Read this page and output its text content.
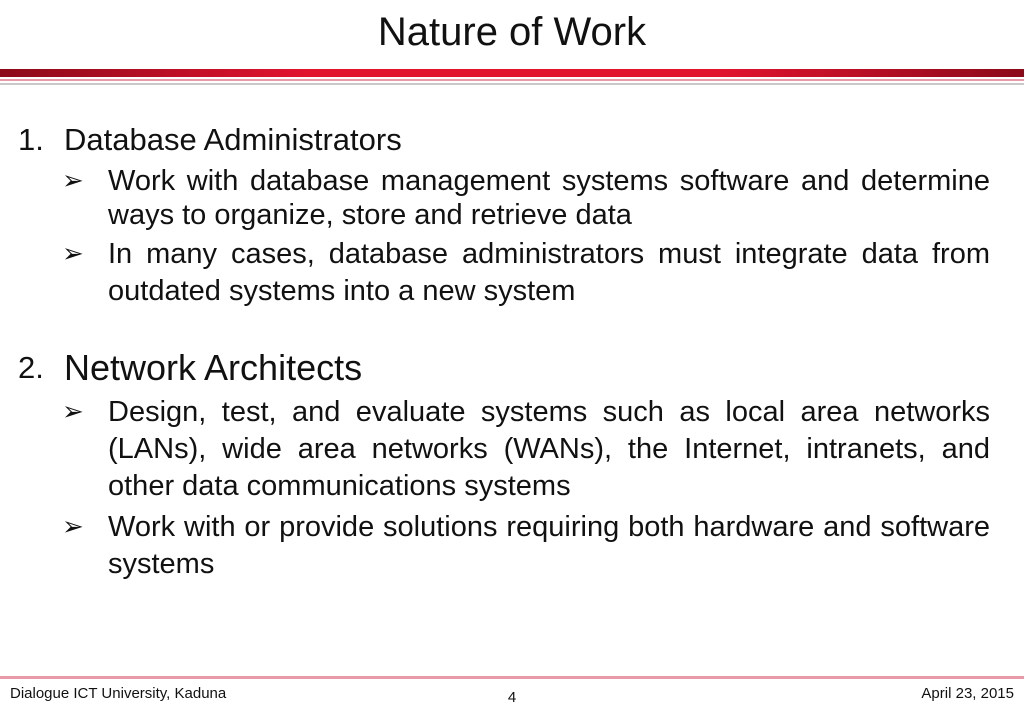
Nature of Work
1. Database Administrators
➢ Work with database management systems software and determine ways to organize, store and retrieve data
➢ In many cases, database administrators must integrate data from outdated systems into a new system
2. Network Architects
➢ Design, test, and evaluate systems such as local area networks (LANs), wide area networks (WANs), the Internet, intranets, and other data communications systems
➢ Work with or provide solutions requiring both hardware and software systems
Dialogue ICT University, Kaduna	4	April 23, 2015
